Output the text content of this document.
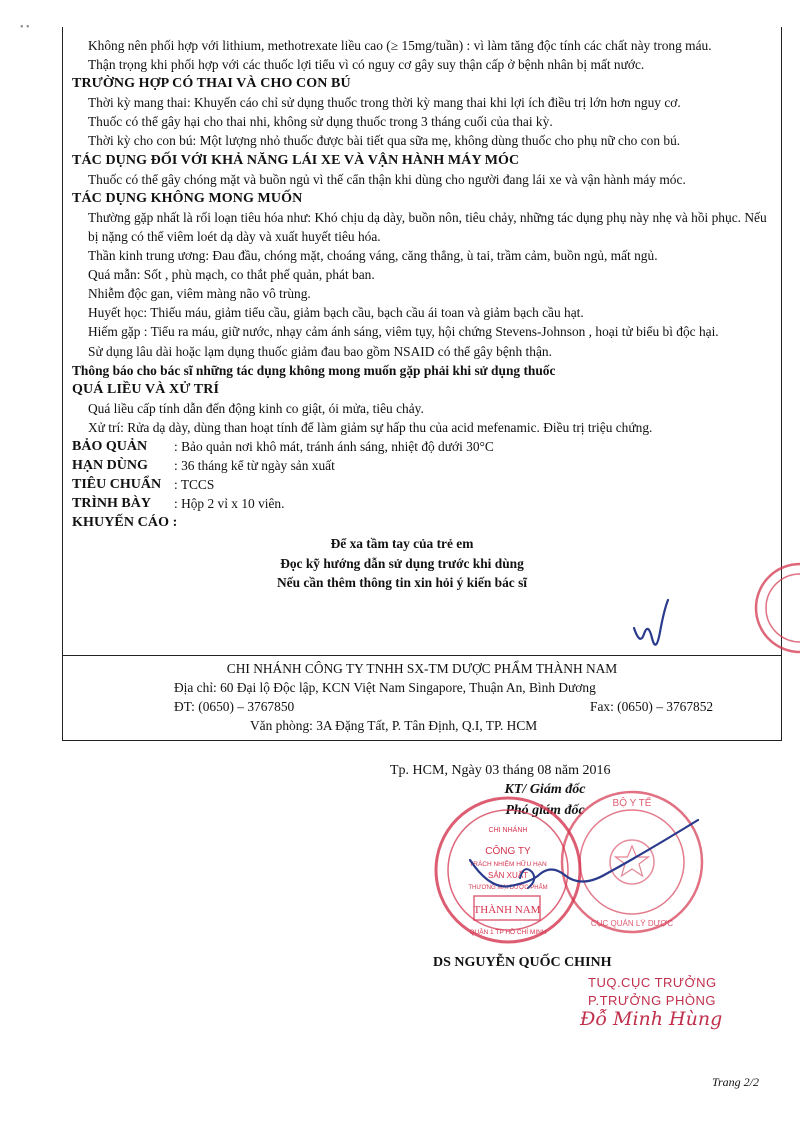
• •

Không nên phối hợp với lithium, methotrexate liều cao (≥ 15mg/tuần) : vì làm tăng độc tính các chất này trong máu.

Thận trọng khi phối hợp với các thuốc lợi tiểu vì có nguy cơ gây suy thận cấp ở bệnh nhân bị mất nước.

TRƯỜNG HỢP CÓ THAI VÀ CHO CON BÚ

Thời kỳ mang thai: Khuyến cáo chỉ sử dụng thuốc trong thời kỳ mang thai khi lợi ích điều trị lớn hơn nguy cơ.

Thuốc có thể gây hại cho thai nhi, không sử dụng thuốc trong 3 tháng cuối của thai kỳ.

Thời kỳ cho con bú: Một lượng nhỏ thuốc được bài tiết qua sữa mẹ, không dùng thuốc cho phụ nữ cho con bú.

TÁC DỤNG ĐỐI VỚI KHẢ NĂNG LÁI XE VÀ VẬN HÀNH MÁY MÓC

Thuốc có thể gây chóng mặt và buồn ngủ vì thế cẩn thận khi dùng cho người đang lái xe và vận hành máy móc.

TÁC DỤNG KHÔNG MONG MUỐN

Thường gặp nhất là rối loạn tiêu hóa như: Khó chịu dạ dày, buồn nôn, tiêu chảy, những tác dụng phụ này nhẹ và hồi phục. Nếu bị nặng có thể viêm loét dạ dày và xuất huyết tiêu hóa.

Thần kinh trung ương: Đau đầu, chóng mặt, choáng váng, căng thẳng, ù tai, trầm cảm, buồn ngủ, mất ngủ.

Quá mẫn: Sốt , phù mạch, co thắt phế quản, phát ban.

Nhiễm độc gan, viêm màng não vô trùng.

Huyết học: Thiếu máu, giảm tiểu cầu, giảm bạch cầu, bạch cầu ái toan và giảm bạch cầu hạt.

Hiếm gặp : Tiểu ra máu, giữ nước, nhạy cảm ánh sáng, viêm tụy, hội chứng Stevens-Johnson , hoại tử biểu bì độc hại.

Sử dụng lâu dài hoặc lạm dụng thuốc giảm đau bao gồm NSAID có thể gây bệnh thận.

Thông báo cho bác sĩ những tác dụng không mong muốn gặp phải khi sử dụng thuốc

QUÁ LIỀU VÀ XỬ TRÍ

Quá liều cấp tính dẫn đến động kinh co giật, ói mửa, tiêu chảy.

Xử trí: Rửa dạ dày, dùng than hoạt tính để làm giảm sự hấp thu của acid mefenamic. Điều trị triệu chứng.

BẢO QUẢN	: Bảo quản nơi khô mát, tránh ánh sáng, nhiệt độ dưới 30°C
HẠN DÙNG	: 36 tháng kể từ ngày sản xuất
TIÊU CHUẨN : TCCS
TRÌNH BÀY	: Hộp 2 vỉ x 10 viên.

KHUYẾN CÁO :

Để xa tầm tay của trẻ em

Đọc kỹ hướng dẫn sử dụng trước khi dùng

Nếu cần thêm thông tin xin hỏi ý kiến bác sĩ

CHI NHÁNH CÔNG TY TNHH SX-TM DƯỢC PHẨM THÀNH NAM
Địa chỉ: 60 Đại lộ Độc lập, KCN Việt Nam Singapore, Thuận An, Bình Dương
ĐT: (0650) – 3767850	Fax: (0650) – 3767852
Văn phòng: 3A Đặng Tất, P. Tân Định, Q.I, TP. HCM

Tp. HCM, Ngày 03 tháng 08 năm 2016

KT/ Giám đốc

Phó giám đốc

CÔNG TY
TRÁCH NHIỆM HỮU HẠN
SẢN XUẤT
THƯƠNG MẠI DƯỢC PHẨM
THÀNH NAM
CHI NHÁNH
QUẬN 1 TP HỒ CHÍ MINH
BỘ Y TẾ
CỤC QUẢN LÝ DƯỢC
DS NGUYỄN QUỐC CHINH
TUQ.CỤC TRƯỞNG
P.TRƯỞNG PHÒNG
Đỗ Minh Hùng
Trang 2/2
